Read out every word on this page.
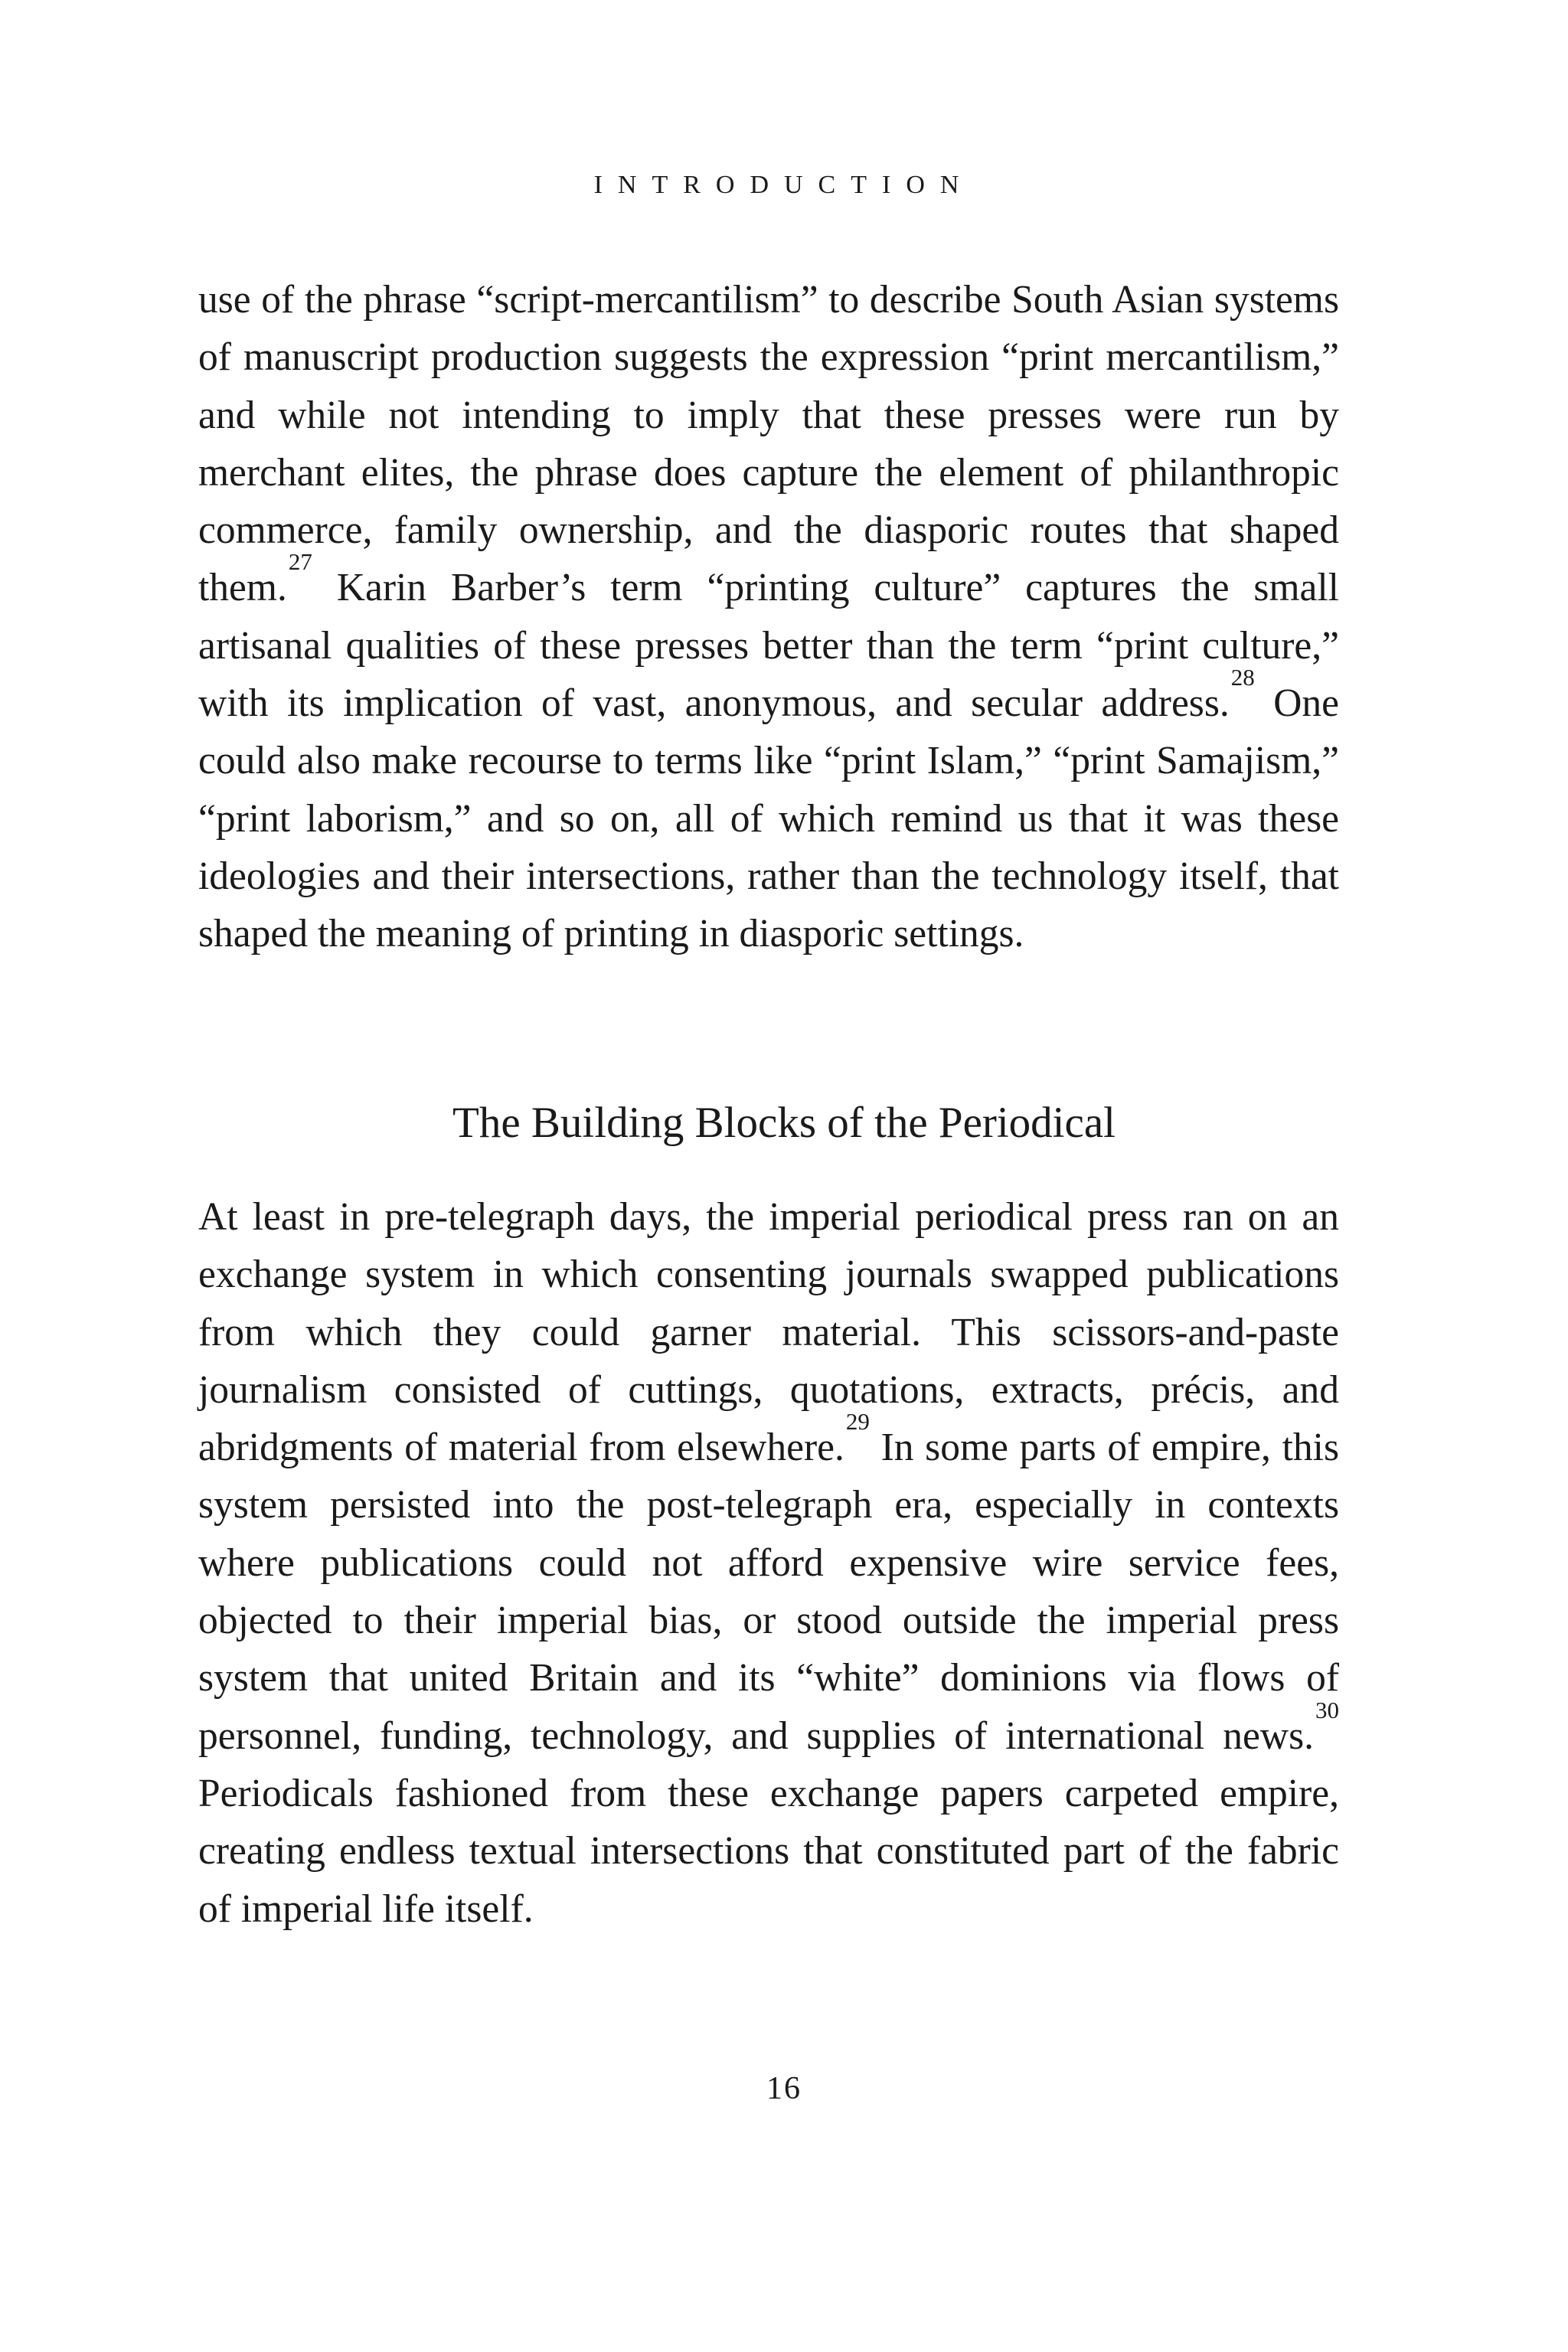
INTRODUCTION

use of the phrase “script-mercantilism” to describe South Asian systems of manuscript production suggests the expression “print mercantilism,” and while not intending to imply that these presses were run by merchant elites, the phrase does capture the element of philanthropic commerce, family ownership, and the diasporic routes that shaped them.$^{27}$ Karin Barber’s term “printing culture” captures the small artisanal qualities of these presses better than the term “print culture,” with its implication of vast, anonymous, and secular address.$^{28}$ One could also make recourse to terms like “print Islam,” “print Samajism,” “print laborism,” and so on, all of which remind us that it was these ideologies and their intersections, rather than the technology itself, that shaped the meaning of printing in diasporic settings.

The Building Blocks of the Periodical

At least in pre-telegraph days, the imperial periodical press ran on an exchange system in which consenting journals swapped publications from which they could garner material. This scissors-and-paste journalism consisted of cuttings, quotations, extracts, précis, and abridgments of material from elsewhere.$^{29}$ In some parts of empire, this system persisted into the post-telegraph era, especially in contexts where publications could not afford expensive wire service fees, objected to their imperial bias, or stood outside the imperial press system that united Britain and its “white” dominions via flows of personnel, funding, technology, and supplies of international news.$^{30}$ Periodicals fashioned from these exchange papers carpeted empire, creating endless textual intersections that constituted part of the fabric of imperial life itself.

16
